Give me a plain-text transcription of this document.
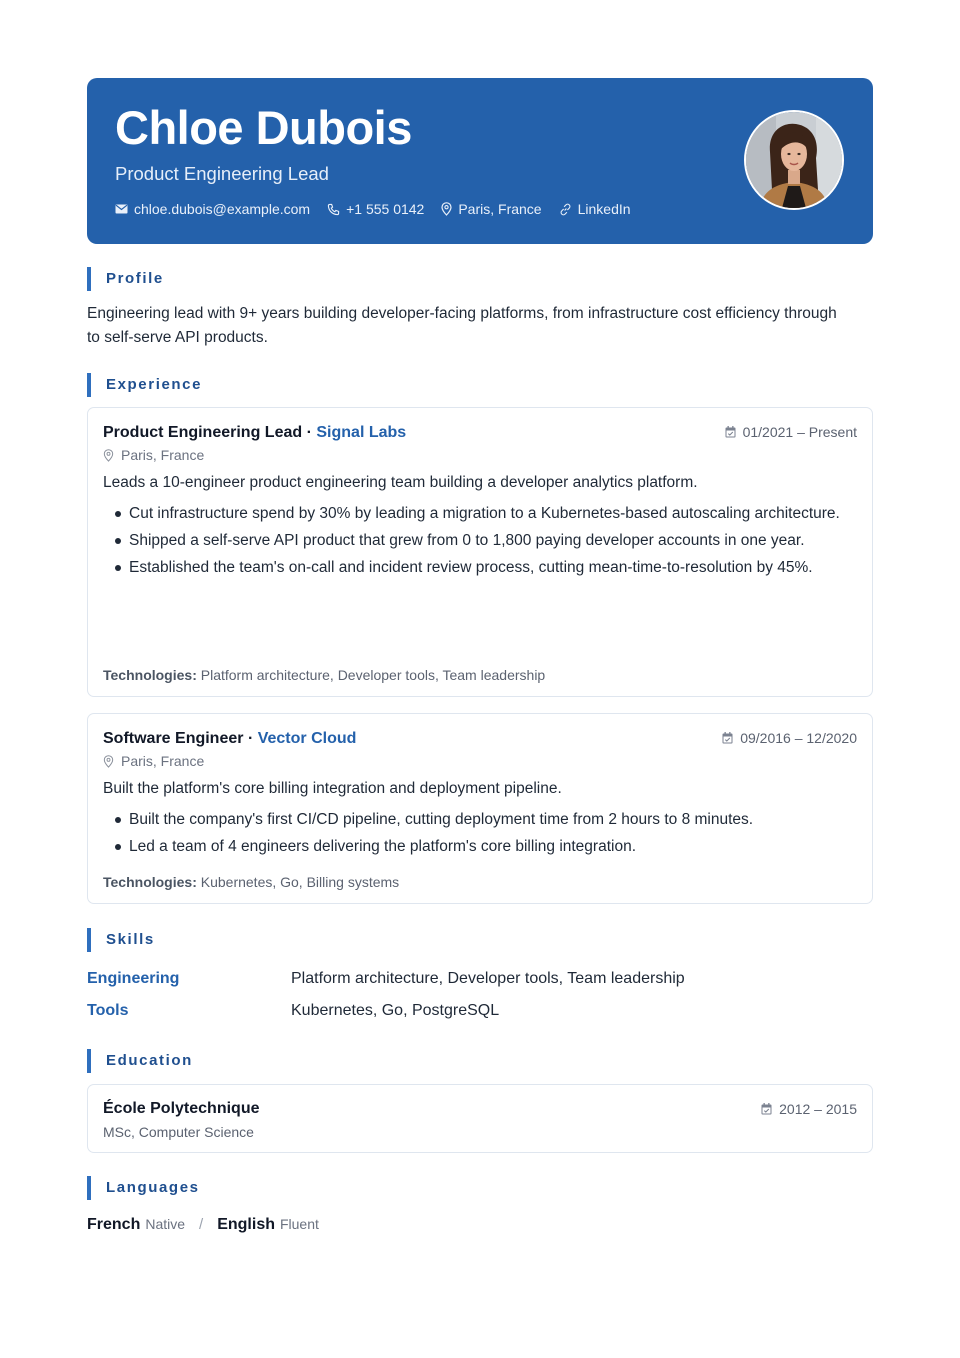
Chloe Dubois
Product Engineering Lead
chloe.dubois@example.com	+1 555 0142 Paris, France	LinkedIn
Profile
Engineering lead with 9+ years building developer-facing platforms, from infrastructure cost efficiency through to self-serve API products.
Experience
Product Engineering Lead · Signal Labs	01/2021 – Present
Paris, France
Leads a 10-engineer product engineering team building a developer analytics platform.
Cut infrastructure spend by 30% by leading a migration to a Kubernetes-based autoscaling architecture.
Shipped a self-serve API product that grew from 0 to 1,800 paying developer accounts in one year.
Established the team's on-call and incident review process, cutting mean-time-to-resolution by 45%.
Technologies: Platform architecture, Developer tools, Team leadership
Software Engineer · Vector Cloud	09/2016 – 12/2020
Paris, France
Built the platform's core billing integration and deployment pipeline.
Built the company's first CI/CD pipeline, cutting deployment time from 2 hours to 8 minutes.
Led a team of 4 engineers delivering the platform's core billing integration.
Technologies: Kubernetes, Go, Billing systems
Skills
Engineering	Platform architecture, Developer tools, Team leadership
Tools	Kubernetes, Go, PostgreSQL
Education
École Polytechnique
MSc, Computer Science
2012 – 2015
Languages
French Native / English Fluent
